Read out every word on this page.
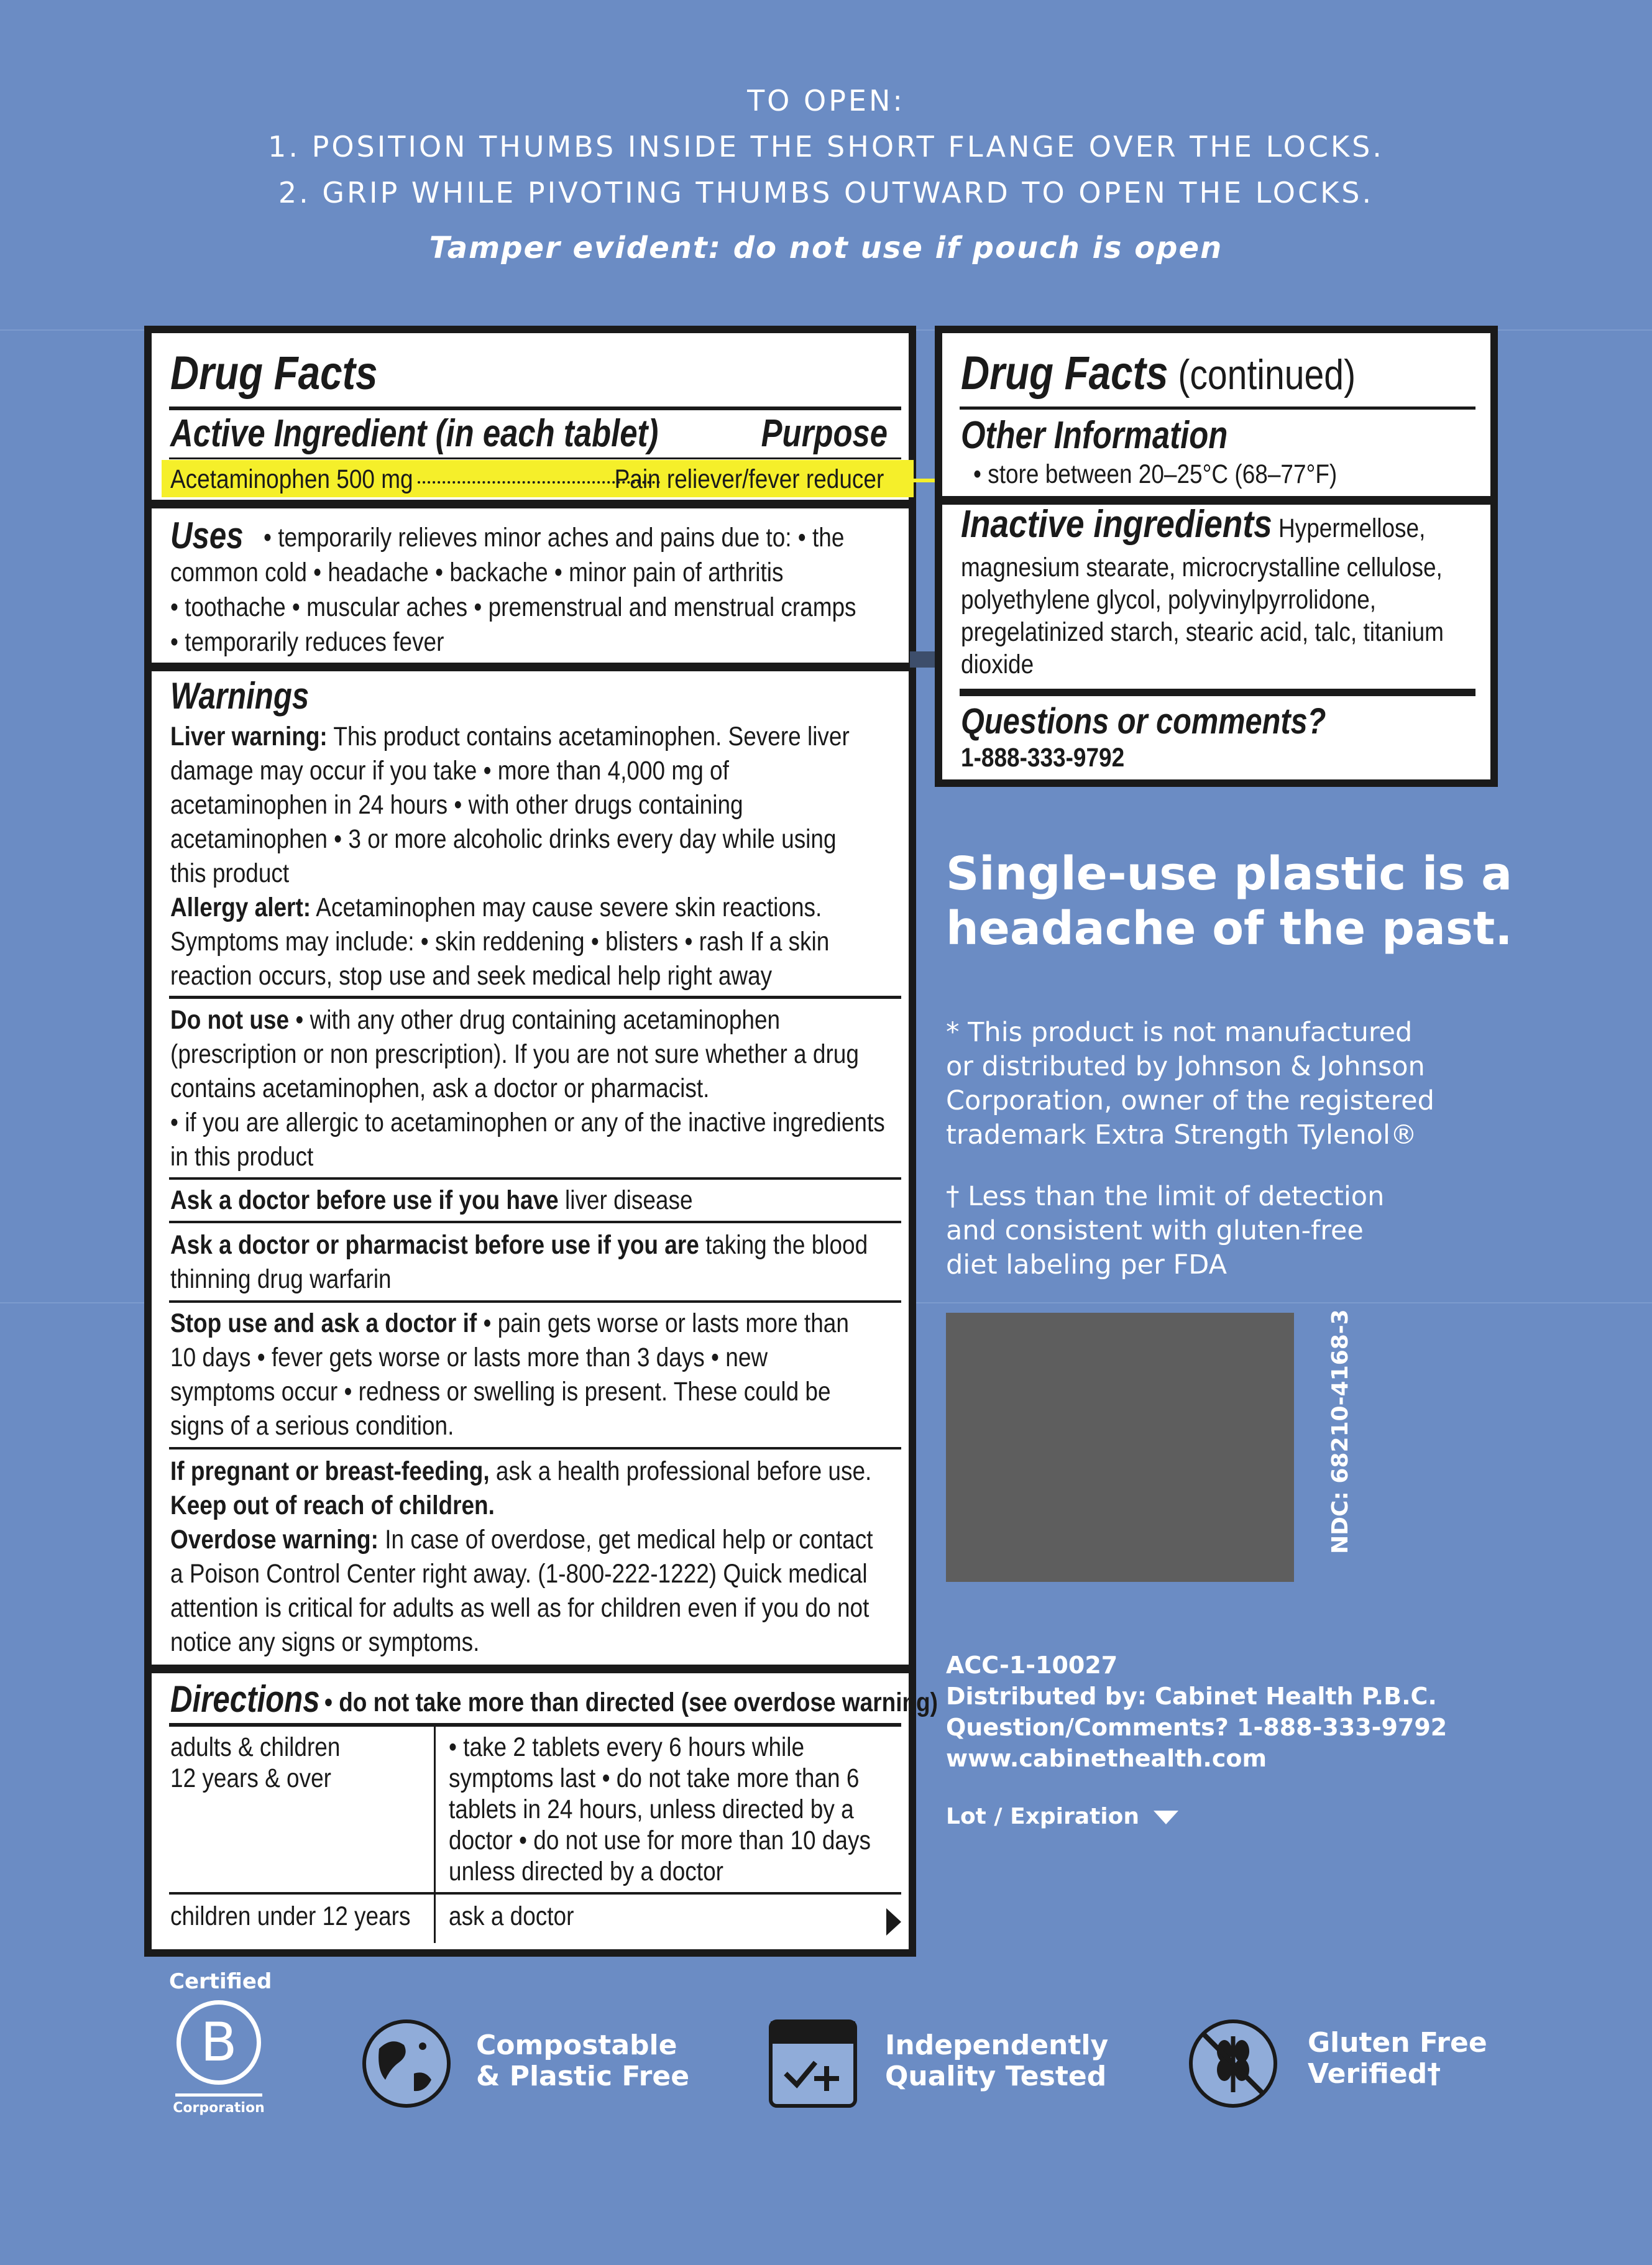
TO OPEN:
1. POSITION THUMBS INSIDE THE SHORT FLANGE OVER THE LOCKS.
2. GRIP WHILE PIVOTING THUMBS OUTWARD TO OPEN THE LOCKS.
Tamper evident: do not use if pouch is open
Drug Facts
Active Ingredient (in each tablet)	Purpose
Acetaminophen 500 mg	Pain reliever/fever reducer
Uses • temporarily relieves minor aches and pains due to: • the
common cold • headache • backache • minor pain of arthritis
• toothache • muscular aches • premenstrual and menstrual cramps
• temporarily reduces fever
Warnings
Liver warning: This product contains acetaminophen. Severe liver
damage may occur if you take • more than 4,000 mg of
acetaminophen in 24 hours • with other drugs containing
acetaminophen • 3 or more alcoholic drinks every day while using
this product
Allergy alert: Acetaminophen may cause severe skin reactions.
Symptoms may include: • skin reddening • blisters • rash If a skin
reaction occurs, stop use and seek medical help right away
Do not use • with any other drug containing acetaminophen
(prescription or non prescription). If you are not sure whether a drug
contains acetaminophen, ask a doctor or pharmacist.
• if you are allergic to acetaminophen or any of the inactive ingredients
in this product
Ask a doctor before use if you have liver disease
Ask a doctor or pharmacist before use if you are taking the blood
thinning drug warfarin
Stop use and ask a doctor if • pain gets worse or lasts more than
10 days • fever gets worse or lasts more than 3 days • new
symptoms occur • redness or swelling is present. These could be
signs of a serious condition.
If pregnant or breast-feeding, ask a health professional before use.
Keep out of reach of children.
Overdose warning: In case of overdose, get medical help or contact
a Poison Control Center right away. (1-800-222-1222) Quick medical
attention is critical for adults as well as for children even if you do not
notice any signs or symptoms.
Directions • do not take more than directed (see overdose warning)
adults & children
12 years & over
• take 2 tablets every 6 hours while
symptoms last • do not take more than 6
tablets in 24 hours, unless directed by a
doctor • do not use for more than 10 days
unless directed by a doctor
children under 12 years ask a doctor
Drug Facts (continued)
Other Information
• store between 20–25°C (68–77°F)
Inactive ingredients Hypermellose,
magnesium stearate, microcrystalline cellulose,
polyethylene glycol, polyvinylpyrrolidone,
pregelatinized starch, stearic acid, talc, titanium
dioxide
Questions or comments?
1-888-333-9792
Single-use plastic is a
headache of the past.
* This product is not manufactured
or distributed by Johnson & Johnson
Corporation, owner of the registered
trademark Extra Strength Tylenol®
† Less than the limit of detection
and consistent with gluten-free
diet labeling per FDA
NDC: 68210-4168-3
ACC-1-10027
Distributed by: Cabinet Health P.B.C.
Question/Comments? 1-888-333-9792
www.cabinethealth.com
Lot / Expiration
Certified
B
Corporation
Compostable
& Plastic Free
Independently
Quality Tested
Gluten Free
Verified†
